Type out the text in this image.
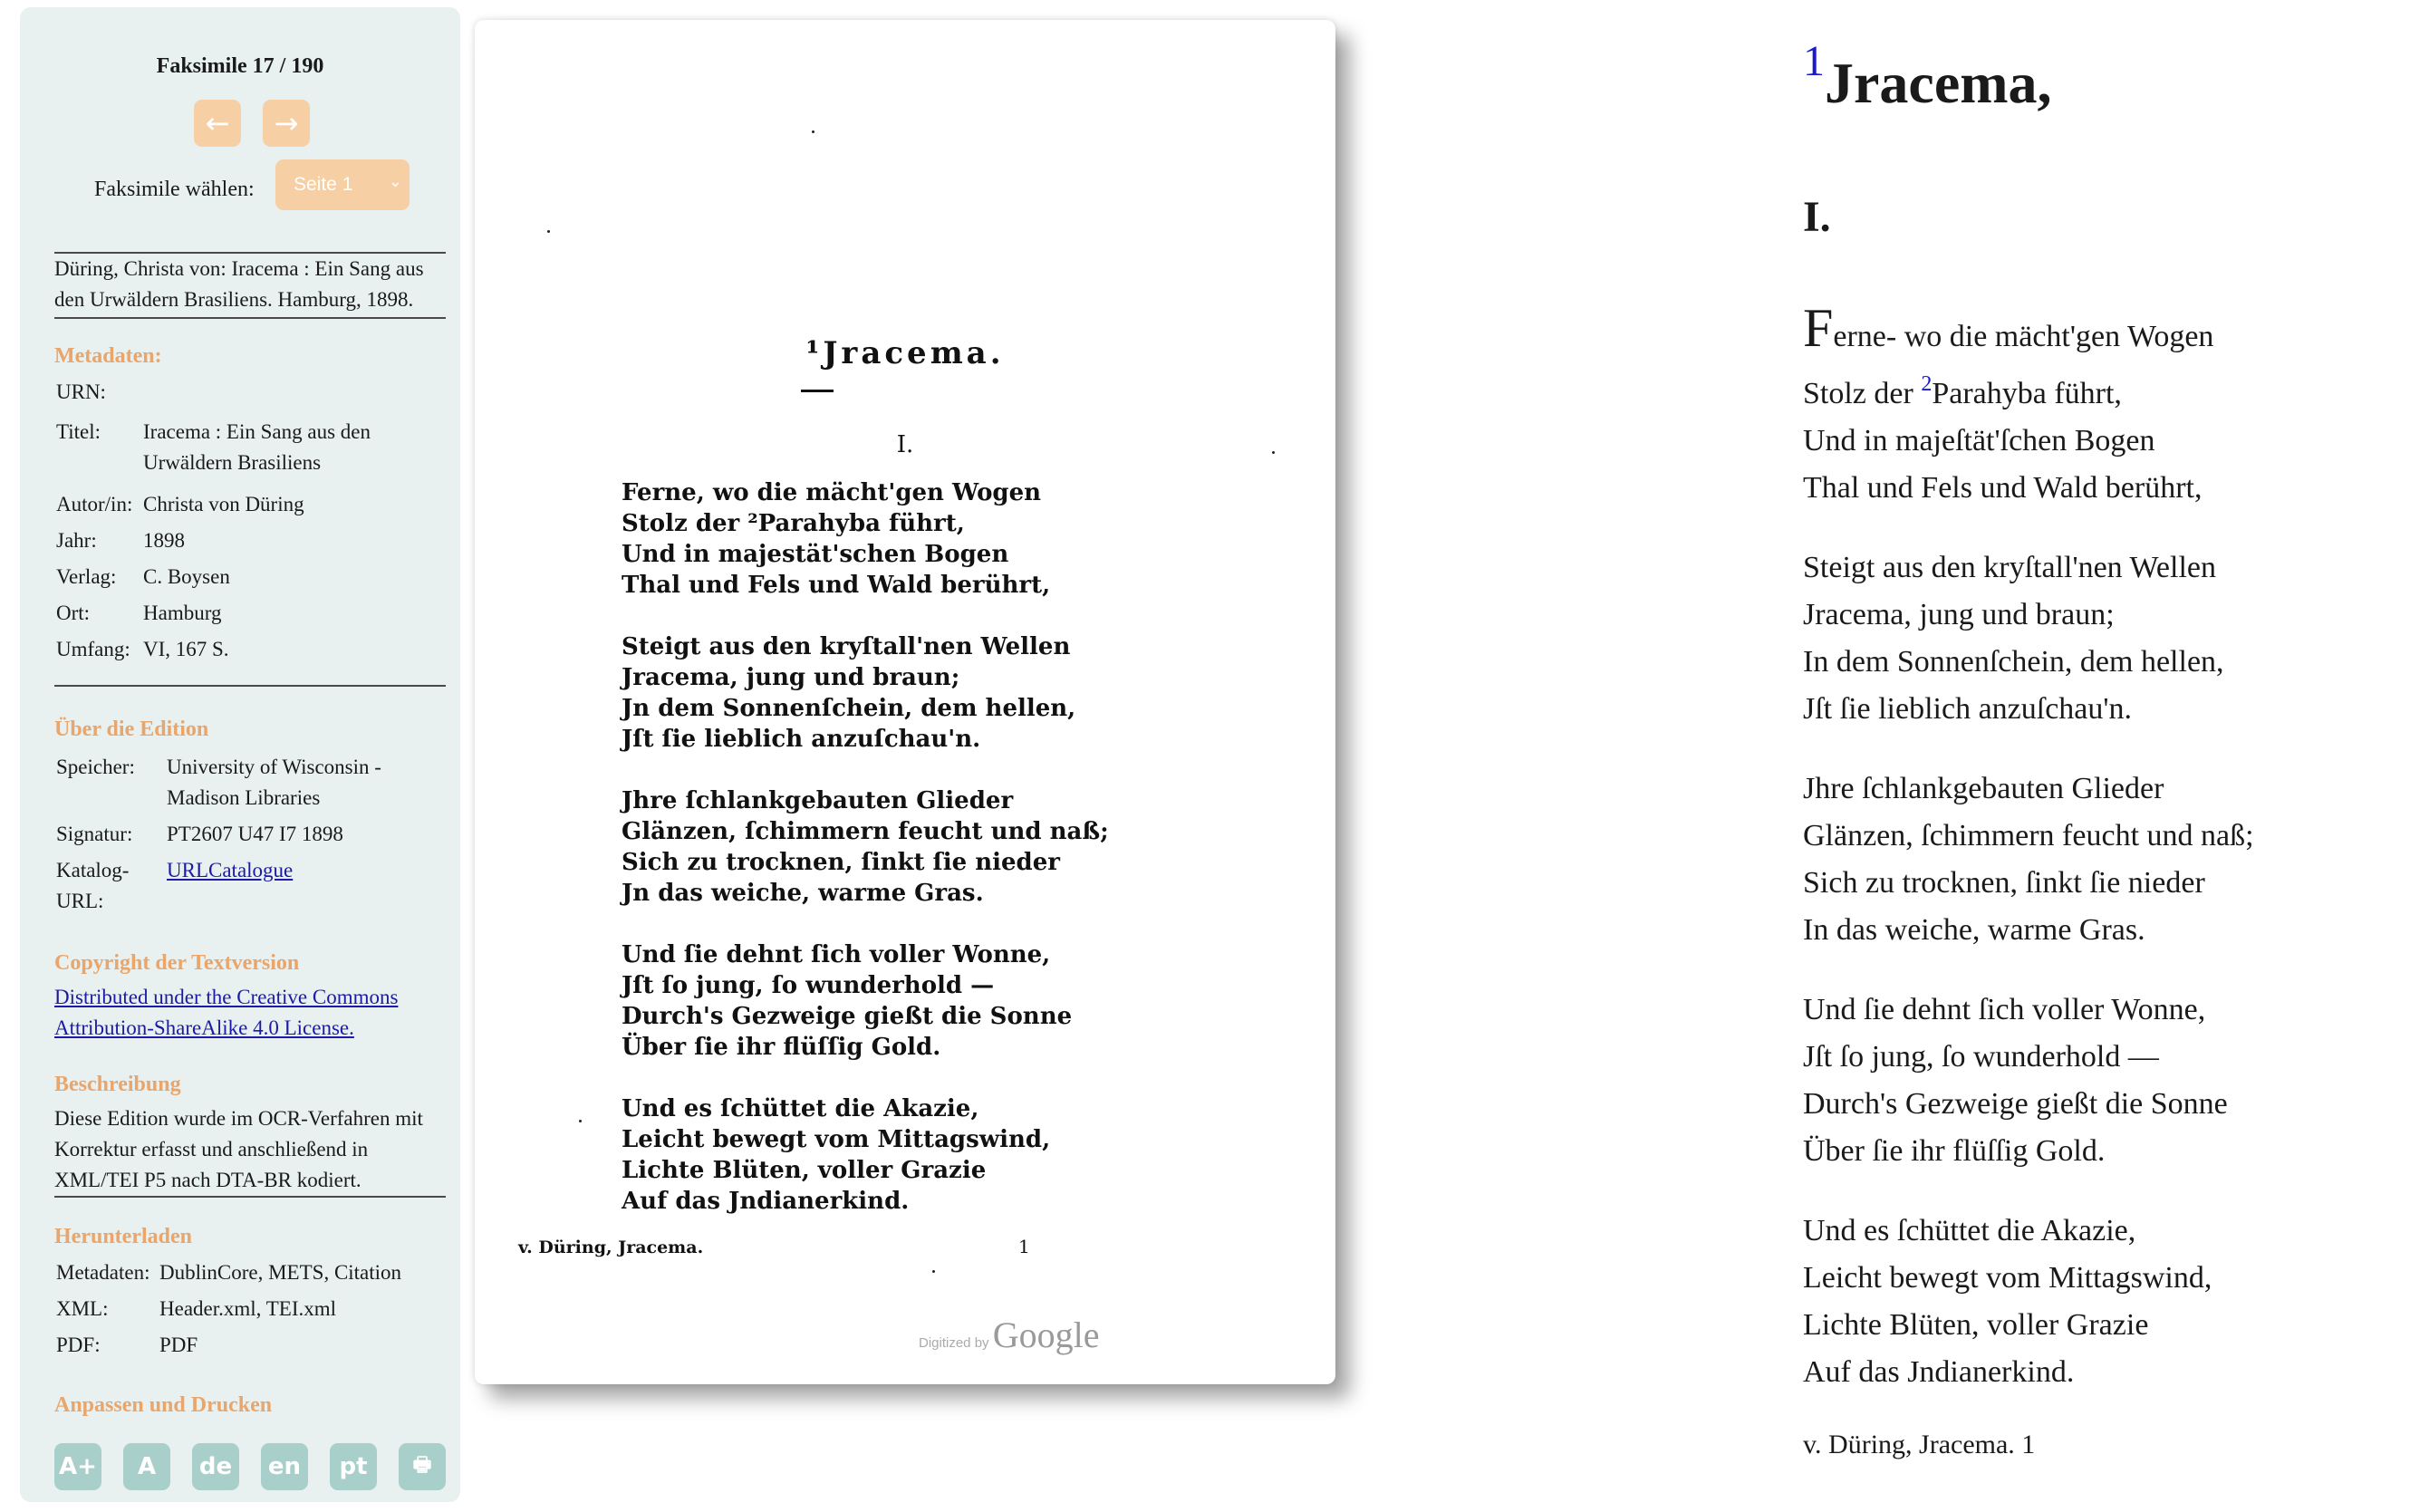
Faksimile 17 / 190
← →
Faksimile wählen: Seite 1 ⌄
Düring, Christa von: Iracema : Ein Sang aus den Urwäldern Brasiliens. Hamburg, 1898.
Metadaten:
URN:
Titel: Iracema : Ein Sang aus den Urwäldern Brasiliens
Autor/in: Christa von Düring
Jahr: 1898
Verlag: C. Boysen
Ort:	Hamburg
Umfang: VI, 167 S.
Über die Edition
Speicher: University of Wisconsin - Madison Libraries
Signatur: PT2607 U47 I7 1898
Katalog-URL:
URLCatalogue
Copyright der Textversion
Distributed under the Creative Commons Attribution-ShareAlike 4.0 License.
Beschreibung
Diese Edition wurde im OCR-Verfahren mit Korrektur erfasst und anschließend in XML/TEI P5 nach DTA-BR kodiert.
Herunterladen
Metadaten: DublinCore, METS, Citation
XML: Header.xml, TEI.xml
PDF:	PDF
Anpassen und Drucken
A+	A	de	en	pt	🖶
¹Jracema.
I.
Ferne, wo die mächt'gen Wogen
Stolz der ²Parahyba führt,
Und in majestät'schen Bogen
Thal und Fels und Wald berührt,
Steigt aus den kryſtall'nen Wellen
Jracema, jung und braun;
Jn dem Sonnenſchein, dem hellen,
Jſt ſie lieblich anzuſchau'n.
Jhre ſchlankgebauten Glieder
Glänzen, ſchimmern feucht und naß;
Sich zu trocknen, ſinkt ſie nieder
Jn das weiche, warme Gras.
Und ſie dehnt ſich voller Wonne,
Jſt ſo jung, ſo wunderhold —
Durch's Gezweige gießt die Sonne
Über ſie ihr flüſſig Gold.
Und es ſchüttet die Akazie,
Leicht bewegt vom Mittagswind,
Lichte Blüten, voller Grazie
Auf das Jndianerkind.
v. Düring, Jracema.	1
Digitized by Google
$^1$Jracema,
I.
Ferne- wo die mächt'gen Wogen
Stolz der $^2$Parahyba führt,
Und in majeſtät'ſchen Bogen
Thal und Fels und Wald berührt,
Steigt aus den kryſtall'nen Wellen
Jracema, jung und braun;
In dem Sonnenſchein, dem hellen,
Jſt ſie lieblich anzuſchau'n.
Jhre ſchlankgebauten Glieder
Glänzen, ſchimmern feucht und naß;
Sich zu trocknen, ſinkt ſie nieder
In das weiche, warme Gras.
Und ſie dehnt ſich voller Wonne,
Jſt ſo jung, ſo wunderhold —
Durch's Gezweige gießt die Sonne
Über ſie ihr flüſſig Gold.
Und es ſchüttet die Akazie,
Leicht bewegt vom Mittagswind,
Lichte Blüten, voller Grazie
Auf das Jndianerkind.
v. Düring, Jracema. 1
